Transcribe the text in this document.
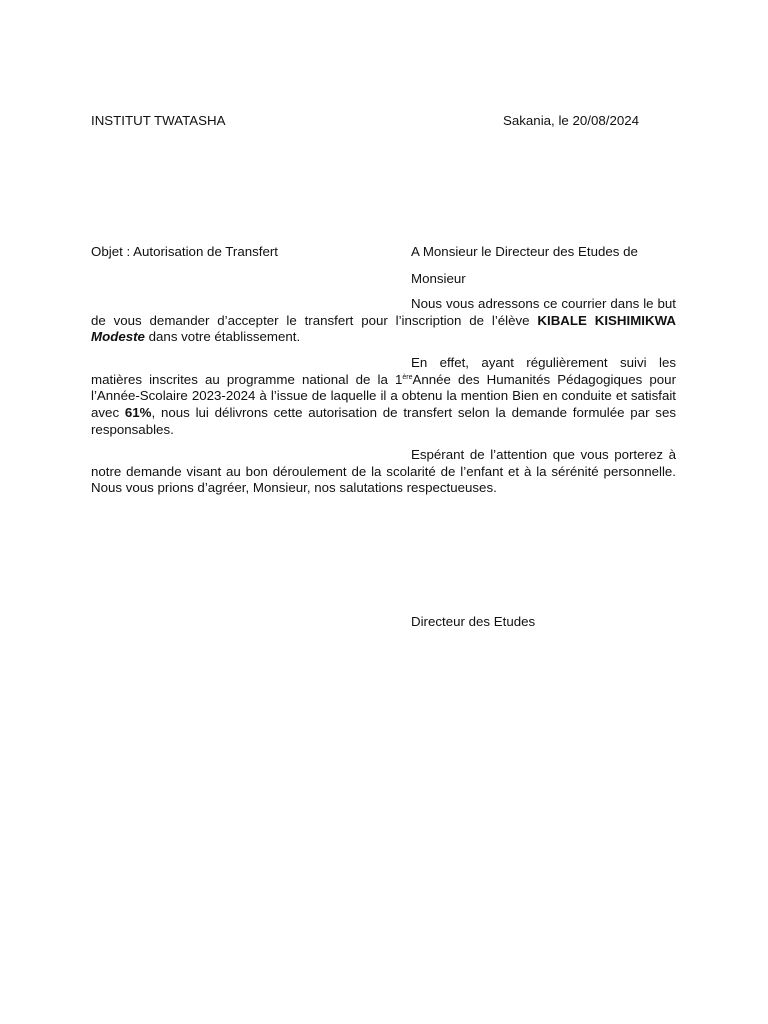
INSTITUT TWATASHA	Sakania, le 20/08/2024
Objet : Autorisation de Transfert	A Monsieur le Directeur des Etudes de
Monsieur
Nous vous adressons ce courrier dans le but de vous demander d’accepter le transfert pour l’inscription de l’élève KIBALE KISHIMIKWA Modeste dans votre établissement.
En effet, ayant régulièrement suivi les matières inscrites au programme national de la 1èreAnnée des Humanités Pédagogiques pour l’Année-Scolaire 2023-2024 à l’issue de laquelle il a obtenu la mention Bien en conduite et satisfait avec 61%, nous lui délivrons cette autorisation de transfert selon la demande formulée par ses responsables.
Espérant de l’attention que vous porterez à notre demande visant au bon déroulement de la scolarité de l’enfant et à la sérénité personnelle. Nous vous prions d’agréer, Monsieur, nos salutations respectueuses.
Directeur des Etudes
